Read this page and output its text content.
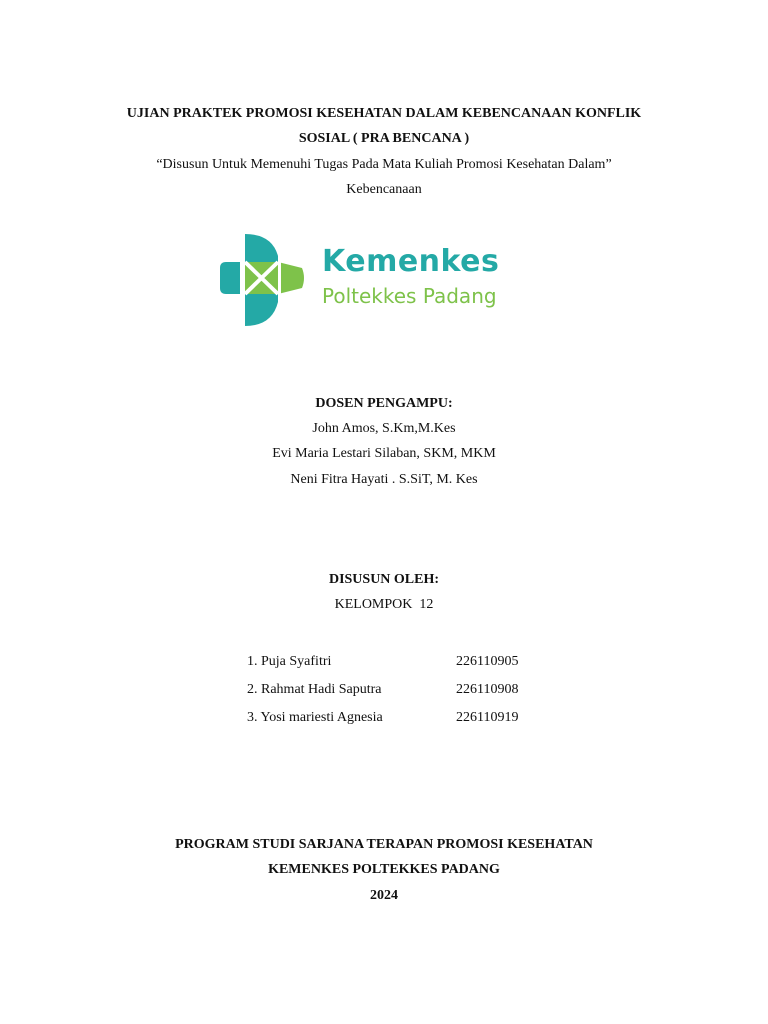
UJIAN PRAKTEK PROMOSI KESEHATAN DALAM KEBENCANAAN KONFLIK
SOSIAL ( PRA BENCANA )
“Disusun Untuk Memenuhi Tugas Pada Mata Kuliah Promosi Kesehatan Dalam”
Kebencanaan
Kemenkes
Poltekkes Padang
DOSEN PENGAMPU:
John Amos, S.Km,M.Kes
Evi Maria Lestari Silaban, SKM, MKM
Neni Fitra Hayati . S.SiT, M. Kes
DISUSUN OLEH:
KELOMPOK  12
1. Puja Syafitri	226110905
2. Rahmat Hadi Saputra	226110908
3. Yosi mariesti Agnesia	226110919
PROGRAM STUDI SARJANA TERAPAN PROMOSI KESEHATAN
KEMENKES POLTEKKES PADANG
2024
